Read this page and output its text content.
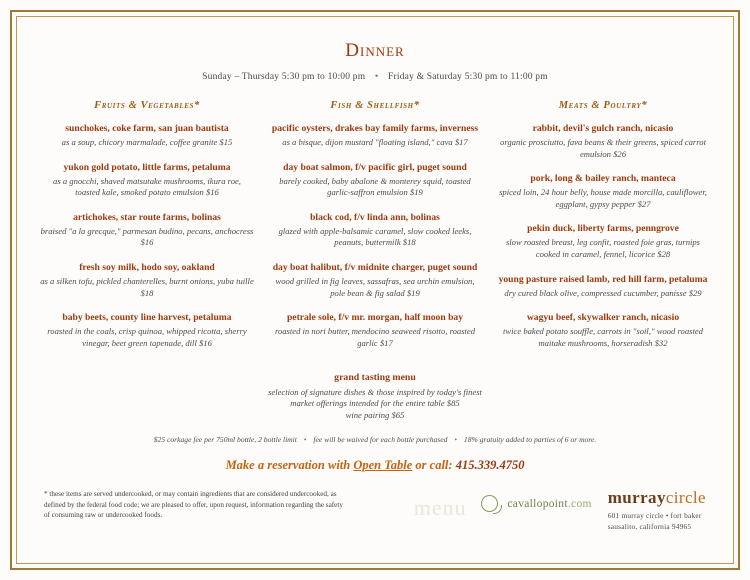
Dinner
Sunday – Thursday 5:30 pm to 10:00 pm • Friday & Saturday 5:30 pm to 11:00 pm
Fruits & Vegetables*
sunchokes, coke farm, san juan bautista
as a soup, chicory marmalade, coffee granite $15
yukon gold potato, little farms, petaluma
as a gnocchi, shaved matsutake mushrooms, ikura roe, toasted kale, smoked potato emulsion $16
artichokes, star route farms, bolinas
braised "a la grecque," parmesan budino, pecans, anchocress $16
fresh soy milk, hodo soy, oakland
as a silken tofu, pickled chanterelles, burnt onions, yuba tuille $18
baby beets, county line harvest, petaluma
roasted in the coals, crisp quinoa, whipped ricotta, sherry vinegar, beet green tapenade, dill $16
Fish & Shellfish*
pacific oysters, drakes bay family farms, inverness
as a bisque, dijon mustard "floating island," cava $17
day boat salmon, f/v pacific girl, puget sound
barely cooked, baby abalone & monterey squid, toasted garlic-saffron emulsion $19
black cod, f/v linda ann, bolinas
glazed with apple-balsamic caramel, slow cooked leeks, peanuts, buttermilk $18
day boat halibut, f/v midnite charger, puget sound
wood grilled in fig leaves, sassafras, sea urchin emulsion, pole bean & fig salad $19
petrale sole, f/v mr. morgan, half moon bay
roasted in nori butter, mendocino seaweed risotto, roasted garlic $17
Meats & Poultry*
rabbit, devil's gulch ranch, nicasio
organic prosciutto, fava beans & their greens, spiced carrot emulsion $26
pork, long & bailey ranch, manteca
spiced loin, 24 hour belly, house made morcilla, cauliflower, eggplant, gypsy pepper $27
pekin duck, liberty farms, penngrove
slow roasted breast, leg confit, roasted foie gras, turnips cooked in caramel, fennel, licorice $28
young pasture raised lamb, red hill farm, petaluma
dry cured black olive, compressed cucumber, panisse $29
wagyu beef, skywalker ranch, nicasio
twice baked potato souffle, carrots in "soil," wood roasted maitake mushrooms, horseradish $32
grand tasting menu
selection of signature dishes & those inspired by today's finest
market offerings intended for the entire table $85
wine pairing $65
$25 corkage fee per 750ml bottle, 2 bottle limit • fee will be waived for each bottle purchased • 18% gratuity added to parties of 6 or more.
Make a reservation with Open Table or call: 415.339.4750
* these items are served undercooked, or may contain ingredients that are considered undercooked, as defined by the federal food code; we are pleased to offer, upon request, information regarding the safety of consuming raw or undercooked foods.	menu	cavallopoint.com murraycircle
601 murray circle • fort baker
sausalito, california 94965
